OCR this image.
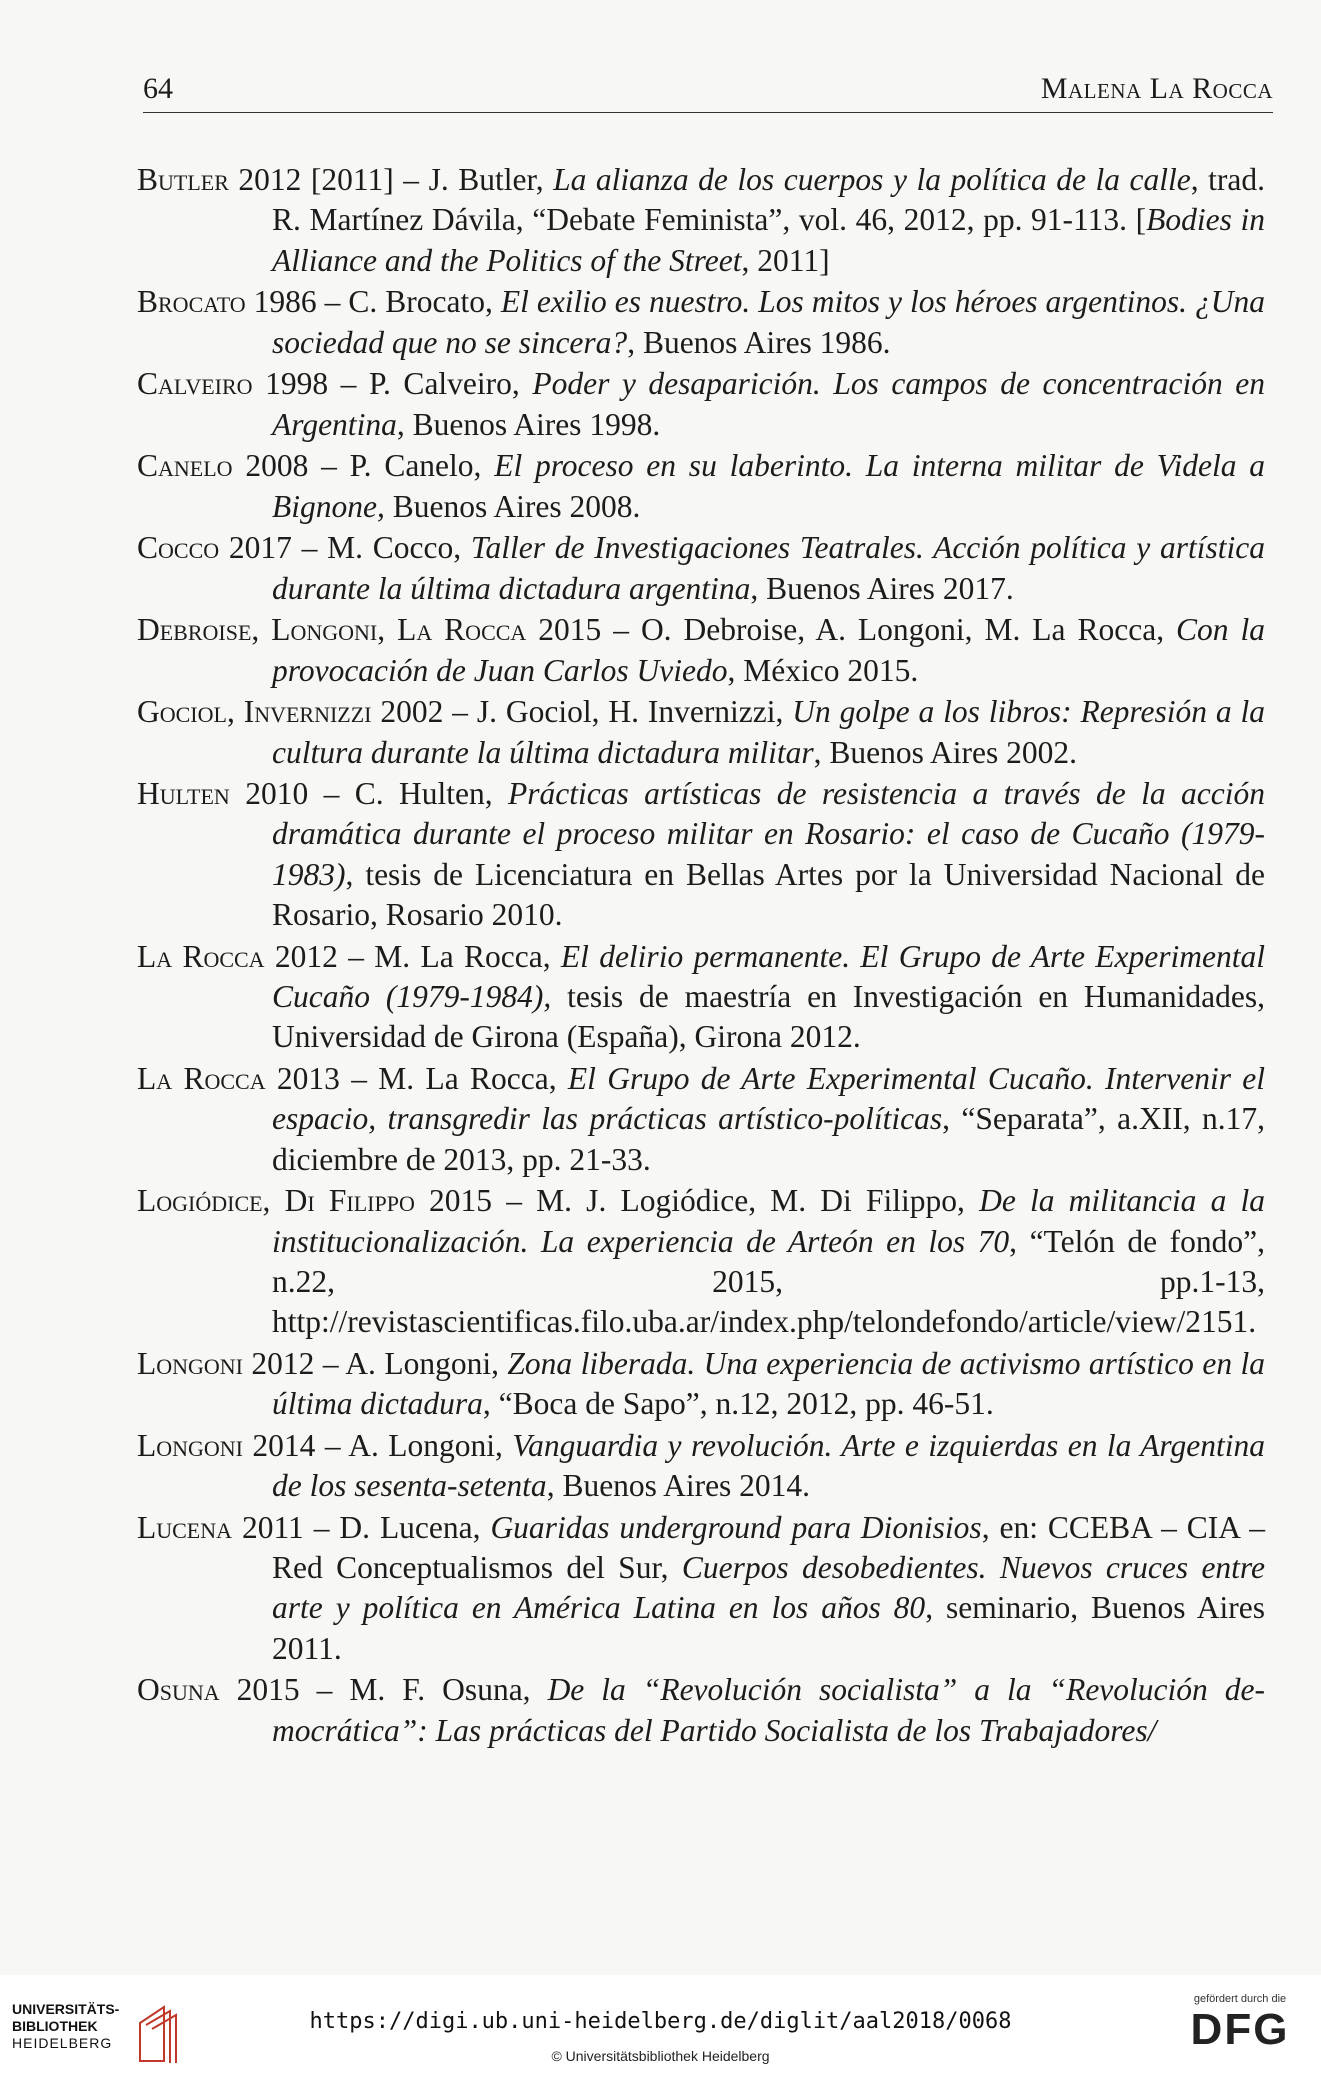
64	Malena La Rocca

Butler 2012 [2011] – J. Butler, La alianza de los cuerpos y la política de la calle, trad. R. Martínez Dávila, “Debate Feminista”, vol. 46, 2012, pp. 91-113. [Bodies in Alliance and the Politics of the Street, 2011]

Brocato 1986 – C. Brocato, El exilio es nuestro. Los mitos y los héroes argentinos. ¿Una sociedad que no se sincera?, Buenos Aires 1986.

Calveiro 1998 – P. Calveiro, Poder y desaparición. Los campos de concentración en Argentina, Buenos Aires 1998.

Canelo 2008 – P. Canelo, El proceso en su laberinto. La interna militar de Videla a Bignone, Buenos Aires 2008.

Cocco 2017 – M. Cocco, Taller de Investigaciones Teatrales. Acción política y artística durante la última dictadura argentina, Buenos Aires 2017.

Debroise, Longoni, La Rocca 2015 – O. Debroise, A. Longoni, M. La Rocca, Con la provocación de Juan Carlos Uviedo, México 2015.

Gociol, Invernizzi 2002 – J. Gociol, H. Invernizzi, Un golpe a los libros: Represión a la cultura durante la última dictadura militar, Buenos Aires 2002.

Hulten 2010 – C. Hulten, Prácticas artísticas de resistencia a través de la acción dramática durante el proceso militar en Rosario: el caso de Cucaño (1979-1983), tesis de Licenciatura en Bellas Artes por la Universidad Nacional de Rosario, Rosario 2010.

La Rocca 2012 – M. La Rocca, El delirio permanente. El Grupo de Arte Experimental Cucaño (1979-1984), tesis de maestría en Investigación en Humanidades, Universidad de Girona (España), Girona 2012.

La Rocca 2013 – M. La Rocca, El Grupo de Arte Experimental Cucaño. Intervenir el espacio, transgredir las prácticas artístico-políticas, “Separata”, a.XII, n.17, diciembre de 2013, pp. 21-33.

Logiódice, Di Filippo 2015 – M. J. Logiódice, M. Di Filippo, De la militancia a la institucionalización. La experiencia de Arteón en los 70, “Telón de fondo”, n.22, 2015, pp.1-13, http://revistascientificas.filo.uba.ar/index.php/telondefondo/article/view/2151.

Longoni 2012 – A. Longoni, Zona liberada. Una experiencia de activismo artístico en la última dictadura, “Boca de Sapo”, n.12, 2012, pp. 46-51.

Longoni 2014 – A. Longoni, Vanguardia y revolución. Arte e izquierdas en la Argentina de los sesenta-setenta, Buenos Aires 2014.

Lucena 2011 – D. Lucena, Guaridas underground para Dionisios, en: CCEBA – CIA – Red Conceptualismos del Sur, Cuerpos desobedientes. Nuevos cruces entre arte y política en América Latina en los años 80, seminario, Buenos Aires 2011.

Osuna 2015 – M. F. Osuna, De la “Revolución socialista” a la “Revolución democrática”: Las prácticas del Partido Socialista de los Trabajadores/

UNIVERSITÄTS-
BIBLIOTHEK
HEIDELBERG
https://digi.ub.uni-heidelberg.de/diglit/aal2018/0068
© Universitätsbibliothek Heidelberg
gefördert durch die
DFG
